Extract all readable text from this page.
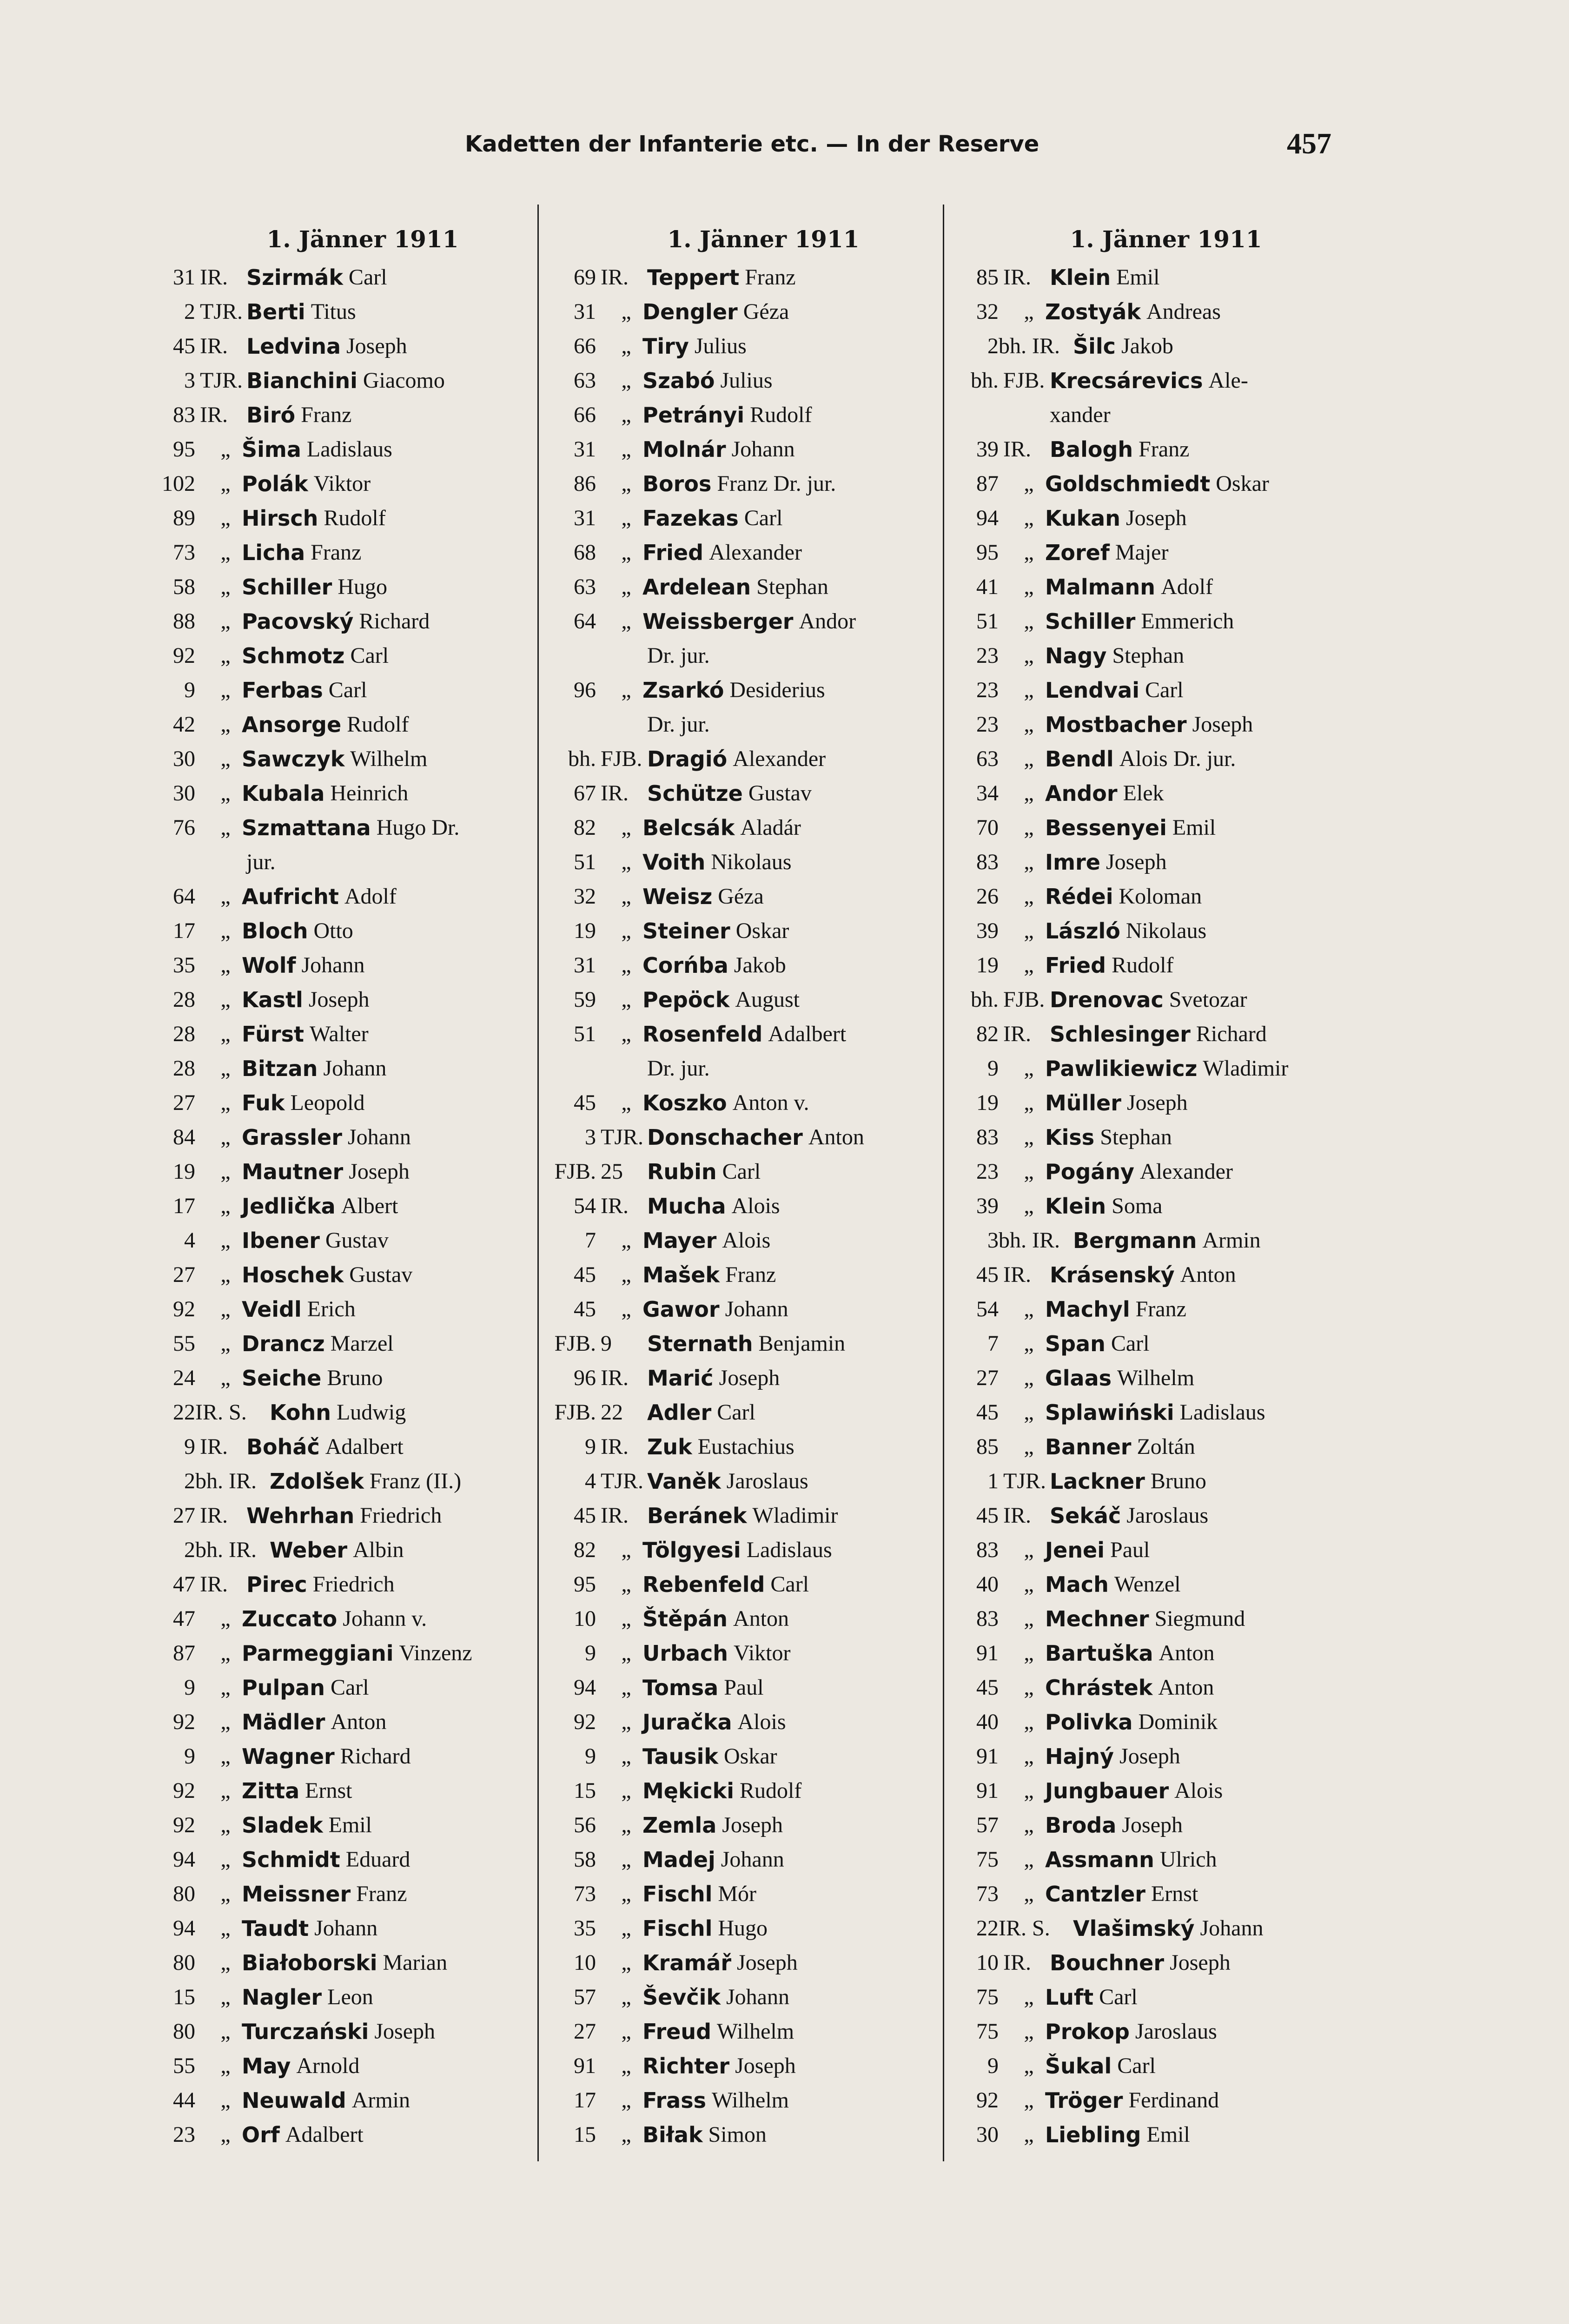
Kadetten der Infanterie etc. — In der Reserve	457
1. Jänner 1911
31 IR. Szirmák Carl
2 TJR. Berti Titus
45 IR. Ledvina Joseph
3 TJR. Bianchini Giacomo
83 IR. Biró Franz
95	„ Šima Ladislaus
102	„ Polák Viktor
89	„ Hirsch Rudolf
73	„ Licha Franz
58	„ Schiller Hugo
88	„ Pacovský Richard
92	„ Schmotz Carl
9	„ Ferbas Carl
42	„ Ansorge Rudolf
30	„ Sawczyk Wilhelm
30	„ Kubala Heinrich
76	„ Szmattana Hugo Dr.
jur.
64	„ Aufricht Adolf
17	„ Bloch Otto
35	„ Wolf Johann
28	„ Kastl Joseph
28	„ Fürst Walter
28	„ Bitzan Johann
27	„ Fuk Leopold
84	„ Grassler Johann
19	„ Mautner Joseph
17	„ Jedlička Albert
4	„ Ibener Gustav
27	„ Hoschek Gustav
92	„ Veidl Erich
55	„ Drancz Marzel
24	„ Seiche Bruno
22 IR. S.	Kohn Ludwig
9 IR. Boháč Adalbert
2 bh. IR. Zdolšek Franz (II.)
27 IR. Wehrhan Friedrich
2 bh. IR. Weber Albin
47 IR. Pirec Friedrich
47	„ Zuccato Johann v.
87	„ Parmeggiani Vinzenz
9	„ Pulpan Carl
92	„ Mädler Anton
9	„ Wagner Richard
92	„ Zitta Ernst
92	„ Sladek Emil
94	„ Schmidt Eduard
80	„ Meissner Franz
94	„ Taudt Johann
80	„ Białoborski Marian
15	„ Nagler Leon
80	„ Turczański Joseph
55	„ May Arnold
44	„ Neuwald Armin
23	„ Orf Adalbert
1. Jänner 1911
69 IR. Teppert Franz
31	„ Dengler Géza
66	„ Tiry Julius
63	„ Szabó Julius
66	„ Petrányi Rudolf
31	„ Molnár Johann
86	„ Boros Franz Dr. jur.
31	„ Fazekas Carl
68	„ Fried Alexander
63	„ Ardelean Stephan
64	„ Weissberger Andor
Dr. jur.
96	„ Zsarkó Desiderius
Dr. jur.
bh. FJB. Dragió Alexander
67 IR. Schütze Gustav
82	„ Belcsák Aladár
51	„ Voith Nikolaus
32	„ Weisz Géza
19	„ Steiner Oskar
31	„ Corńba Jakob
59	„ Pepöck August
51	„ Rosenfeld Adalbert
Dr. jur.
45	„ Koszko Anton v.
3 TJR. Donschacher Anton
FJB. 25	Rubin Carl
54 IR. Mucha Alois
7	„ Mayer Alois
45	„ Mašek Franz
45	„ Gawor Johann
FJB. 9	Sternath Benjamin
96 IR. Marić Joseph
FJB. 22	Adler Carl
9 IR. Zuk Eustachius
4 TJR. Vaněk Jaroslaus
45 IR. Beránek Wladimir
82	„ Tölgyesi Ladislaus
95	„ Rebenfeld Carl
10	„ Štěpán Anton
9	„ Urbach Viktor
94	„ Tomsa Paul
92	„ Juračka Alois
9	„ Tausik Oskar
15	„ Mękicki Rudolf
56	„ Zemla Joseph
58	„ Madej Johann
73	„ Fischl Mór
35	„ Fischl Hugo
10	„ Kramář Joseph
57	„ Ševčik Johann
27	„ Freud Wilhelm
91	„ Richter Joseph
17	„ Frass Wilhelm
15	„ Biłak Simon
1. Jänner 1911
85 IR. Klein Emil
32	„ Zostyák Andreas
2 bh. IR. Šilc Jakob
bh. FJB. Krecsárevics Ale-
xander
39 IR. Balogh Franz
87	„ Goldschmiedt Oskar
94	„ Kukan Joseph
95	„ Zoref Majer
41	„ Malmann Adolf
51	„ Schiller Emmerich
23	„ Nagy Stephan
23	„ Lendvai Carl
23	„ Mostbacher Joseph
63	„ Bendl Alois Dr. jur.
34	„ Andor Elek
70	„ Bessenyei Emil
83	„ Imre Joseph
26	„ Rédei Koloman
39	„ László Nikolaus
19	„ Fried Rudolf
bh. FJB. Drenovac Svetozar
82 IR. Schlesinger Richard
9	„ Pawlikiewicz Wladimir
19	„ Müller Joseph
83	„ Kiss Stephan
23	„ Pogány Alexander
39	„ Klein Soma
3 bh. IR. Bergmann Armin
45 IR. Krásenský Anton
54	„ Machyl Franz
7	„ Span Carl
27	„ Glaas Wilhelm
45	„ Splawiński Ladislaus
85	„ Banner Zoltán
1 TJR. Lackner Bruno
45 IR. Sekáč Jaroslaus
83	„ Jenei Paul
40	„ Mach Wenzel
83	„ Mechner Siegmund
91	„ Bartuška Anton
45	„ Chrástek Anton
40	„ Polivka Dominik
91	„ Hajný Joseph
91	„ Jungbauer Alois
57	„ Broda Joseph
75	„ Assmann Ulrich
73	„ Cantzler Ernst
22 IR. S.	Vlašimský Johann
10 IR. Bouchner Joseph
75	„ Luft Carl
75	„ Prokop Jaroslaus
9	„ Šukal Carl
92	„ Tröger Ferdinand
30	„ Liebling Emil
